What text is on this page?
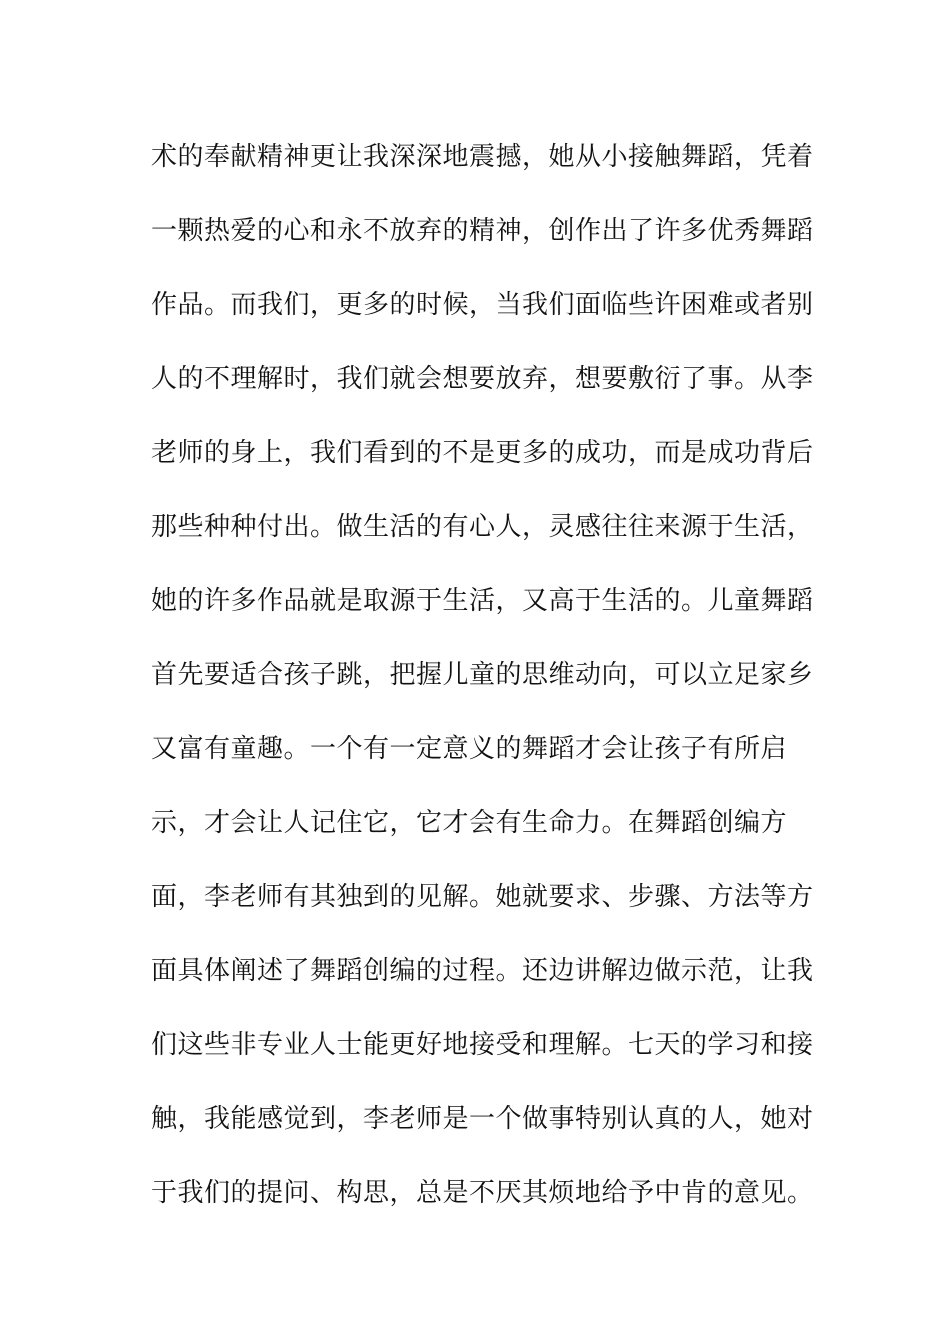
术的奉献精神更让我深深地震撼，她从小接触舞蹈，凭着
一颗热爱的心和永不放弃的精神，创作出了许多优秀舞蹈
作品。而我们，更多的时候，当我们面临些许困难或者别
人的不理解时，我们就会想要放弃，想要敷衍了事。从李
老师的身上，我们看到的不是更多的成功，而是成功背后
那些种种付出。做生活的有心人，灵感往往来源于生活，
她的许多作品就是取源于生活，又高于生活的。儿童舞蹈
首先要适合孩子跳，把握儿童的思维动向，可以立足家乡
又富有童趣。一个有一定意义的舞蹈才会让孩子有所启
示，才会让人记住它，它才会有生命力。在舞蹈创编方
面，李老师有其独到的见解。她就要求、步骤、方法等方
面具体阐述了舞蹈创编的过程。还边讲解边做示范，让我
们这些非专业人士能更好地接受和理解。七天的学习和接
触，我能感觉到，李老师是一个做事特别认真的人，她对
于我们的提问、构思，总是不厌其烦地给予中肯的意见。
